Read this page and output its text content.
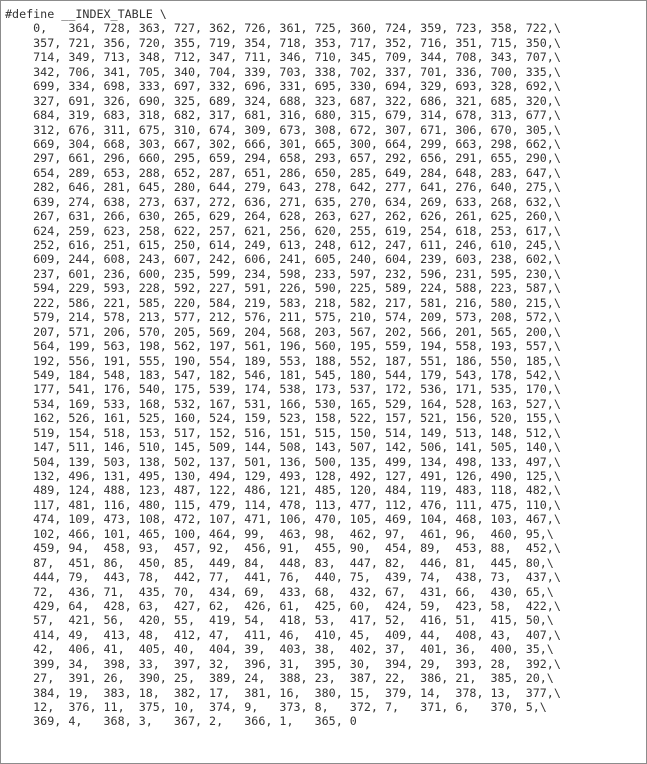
#define __INDEX_TABLE \
0,   364, 728, 363, 727, 362, 726, 361, 725, 360, 724, 359, 723, 358, 722,\
357, 721, 356, 720, 355, 719, 354, 718, 353, 717, 352, 716, 351, 715, 350,\
714, 349, 713, 348, 712, 347, 711, 346, 710, 345, 709, 344, 708, 343, 707,\
342, 706, 341, 705, 340, 704, 339, 703, 338, 702, 337, 701, 336, 700, 335,\
699, 334, 698, 333, 697, 332, 696, 331, 695, 330, 694, 329, 693, 328, 692,\
327, 691, 326, 690, 325, 689, 324, 688, 323, 687, 322, 686, 321, 685, 320,\
684, 319, 683, 318, 682, 317, 681, 316, 680, 315, 679, 314, 678, 313, 677,\
312, 676, 311, 675, 310, 674, 309, 673, 308, 672, 307, 671, 306, 670, 305,\
669, 304, 668, 303, 667, 302, 666, 301, 665, 300, 664, 299, 663, 298, 662,\
297, 661, 296, 660, 295, 659, 294, 658, 293, 657, 292, 656, 291, 655, 290,\
654, 289, 653, 288, 652, 287, 651, 286, 650, 285, 649, 284, 648, 283, 647,\
282, 646, 281, 645, 280, 644, 279, 643, 278, 642, 277, 641, 276, 640, 275,\
639, 274, 638, 273, 637, 272, 636, 271, 635, 270, 634, 269, 633, 268, 632,\
267, 631, 266, 630, 265, 629, 264, 628, 263, 627, 262, 626, 261, 625, 260,\
624, 259, 623, 258, 622, 257, 621, 256, 620, 255, 619, 254, 618, 253, 617,\
252, 616, 251, 615, 250, 614, 249, 613, 248, 612, 247, 611, 246, 610, 245,\
609, 244, 608, 243, 607, 242, 606, 241, 605, 240, 604, 239, 603, 238, 602,\
237, 601, 236, 600, 235, 599, 234, 598, 233, 597, 232, 596, 231, 595, 230,\
594, 229, 593, 228, 592, 227, 591, 226, 590, 225, 589, 224, 588, 223, 587,\
222, 586, 221, 585, 220, 584, 219, 583, 218, 582, 217, 581, 216, 580, 215,\
579, 214, 578, 213, 577, 212, 576, 211, 575, 210, 574, 209, 573, 208, 572,\
207, 571, 206, 570, 205, 569, 204, 568, 203, 567, 202, 566, 201, 565, 200,\
564, 199, 563, 198, 562, 197, 561, 196, 560, 195, 559, 194, 558, 193, 557,\
192, 556, 191, 555, 190, 554, 189, 553, 188, 552, 187, 551, 186, 550, 185,\
549, 184, 548, 183, 547, 182, 546, 181, 545, 180, 544, 179, 543, 178, 542,\
177, 541, 176, 540, 175, 539, 174, 538, 173, 537, 172, 536, 171, 535, 170,\
534, 169, 533, 168, 532, 167, 531, 166, 530, 165, 529, 164, 528, 163, 527,\
162, 526, 161, 525, 160, 524, 159, 523, 158, 522, 157, 521, 156, 520, 155,\
519, 154, 518, 153, 517, 152, 516, 151, 515, 150, 514, 149, 513, 148, 512,\
147, 511, 146, 510, 145, 509, 144, 508, 143, 507, 142, 506, 141, 505, 140,\
504, 139, 503, 138, 502, 137, 501, 136, 500, 135, 499, 134, 498, 133, 497,\
132, 496, 131, 495, 130, 494, 129, 493, 128, 492, 127, 491, 126, 490, 125,\
489, 124, 488, 123, 487, 122, 486, 121, 485, 120, 484, 119, 483, 118, 482,\
117, 481, 116, 480, 115, 479, 114, 478, 113, 477, 112, 476, 111, 475, 110,\
474, 109, 473, 108, 472, 107, 471, 106, 470, 105, 469, 104, 468, 103, 467,\
102, 466, 101, 465, 100, 464, 99,  463, 98,  462, 97,  461, 96,  460, 95,\
459, 94,  458, 93,  457, 92,  456, 91,  455, 90,  454, 89,  453, 88,  452,\
87,  451, 86,  450, 85,  449, 84,  448, 83,  447, 82,  446, 81,  445, 80,\
444, 79,  443, 78,  442, 77,  441, 76,  440, 75,  439, 74,  438, 73,  437,\
72,  436, 71,  435, 70,  434, 69,  433, 68,  432, 67,  431, 66,  430, 65,\
429, 64,  428, 63,  427, 62,  426, 61,  425, 60,  424, 59,  423, 58,  422,\
57,  421, 56,  420, 55,  419, 54,  418, 53,  417, 52,  416, 51,  415, 50,\
414, 49,  413, 48,  412, 47,  411, 46,  410, 45,  409, 44,  408, 43,  407,\
42,  406, 41,  405, 40,  404, 39,  403, 38,  402, 37,  401, 36,  400, 35,\
399, 34,  398, 33,  397, 32,  396, 31,  395, 30,  394, 29,  393, 28,  392,\
27,  391, 26,  390, 25,  389, 24,  388, 23,  387, 22,  386, 21,  385, 20,\
384, 19,  383, 18,  382, 17,  381, 16,  380, 15,  379, 14,  378, 13,  377,\
12,  376, 11,  375, 10,  374, 9,   373, 8,   372, 7,   371, 6,   370, 5,\
369, 4,   368, 3,   367, 2,   366, 1,   365, 0
